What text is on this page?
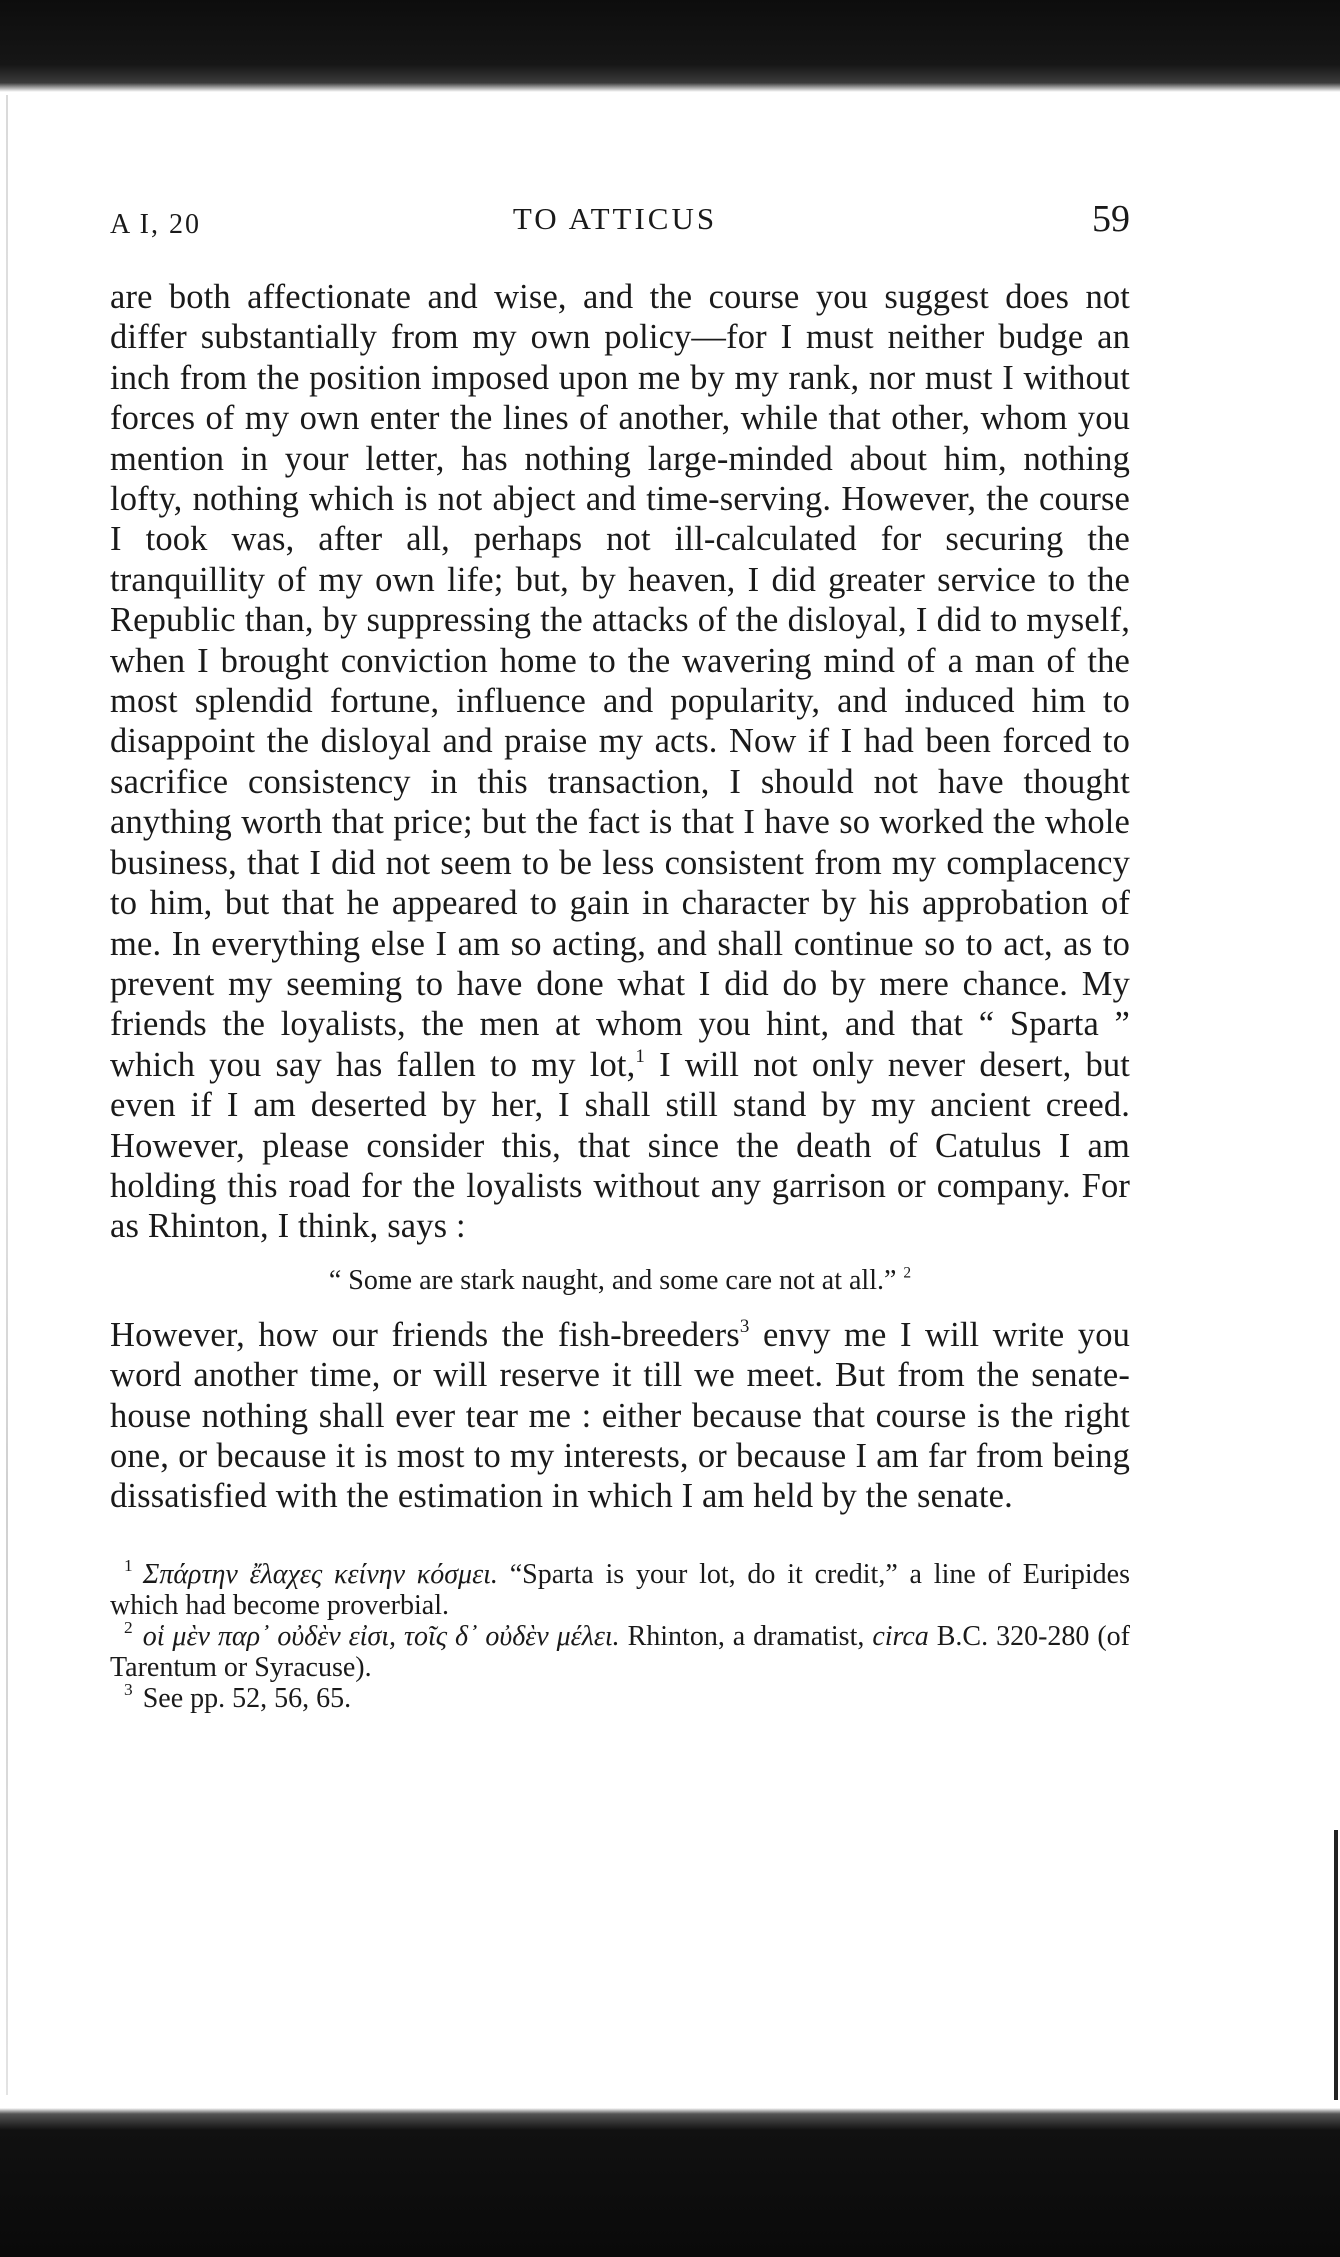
A I, 20	TO ATTICUS	59

are both affectionate and wise, and the course you suggest does not differ substantially from my own policy—for I must neither budge an inch from the position imposed upon me by my rank, nor must I without forces of my own enter the lines of another, while that other, whom you mention in your letter, has nothing large-minded about him, nothing lofty, nothing which is not abject and time-serving. However, the course I took was, after all, perhaps not ill-calculated for securing the tranquillity of my own life; but, by heaven, I did greater service to the Republic than, by suppressing the attacks of the disloyal, I did to myself, when I brought conviction home to the wavering mind of a man of the most splendid fortune, influence and popularity, and induced him to disappoint the disloyal and praise my acts. Now if I had been forced to sacrifice consistency in this transaction, I should not have thought anything worth that price; but the fact is that I have so worked the whole business, that I did not seem to be less consistent from my complacency to him, but that he appeared to gain in character by his approbation of me. In everything else I am so acting, and shall continue so to act, as to prevent my seeming to have done what I did do by mere chance. My friends the loyalists, the men at whom you hint, and that “ Sparta ” which you say has fallen to my lot,$^1$ I will not only never desert, but even if I am deserted by her, I shall still stand by my ancient creed. However, please consider this, that since the death of Catulus I am holding this road for the loyalists without any garrison or company. For as Rhinton, I think, says :

“ Some are stark naught, and some care not at all.” $^2$

However, how our friends the fish-breeders$^3$ envy me I will write you word another time, or will reserve it till we meet. But from the senate-house nothing shall ever tear me : either because that course is the right one, or because it is most to my interests, or because I am far from being dissatisfied with the estimation in which I am held by the senate.

$^1$ Σπάρτην ἔλαχες κείνην κόσμει. “Sparta is your lot, do it credit,” a line of Euripides which had become proverbial.
$^2$ οἱ μὲν παρ᾽ οὐδὲν εἰσι, τοῖς δ᾽ οὐδὲν μέλει. Rhinton, a dramatist, circa B.C. 320-280 (of Tarentum or Syracuse).
$^3$ See pp. 52, 56, 65.
